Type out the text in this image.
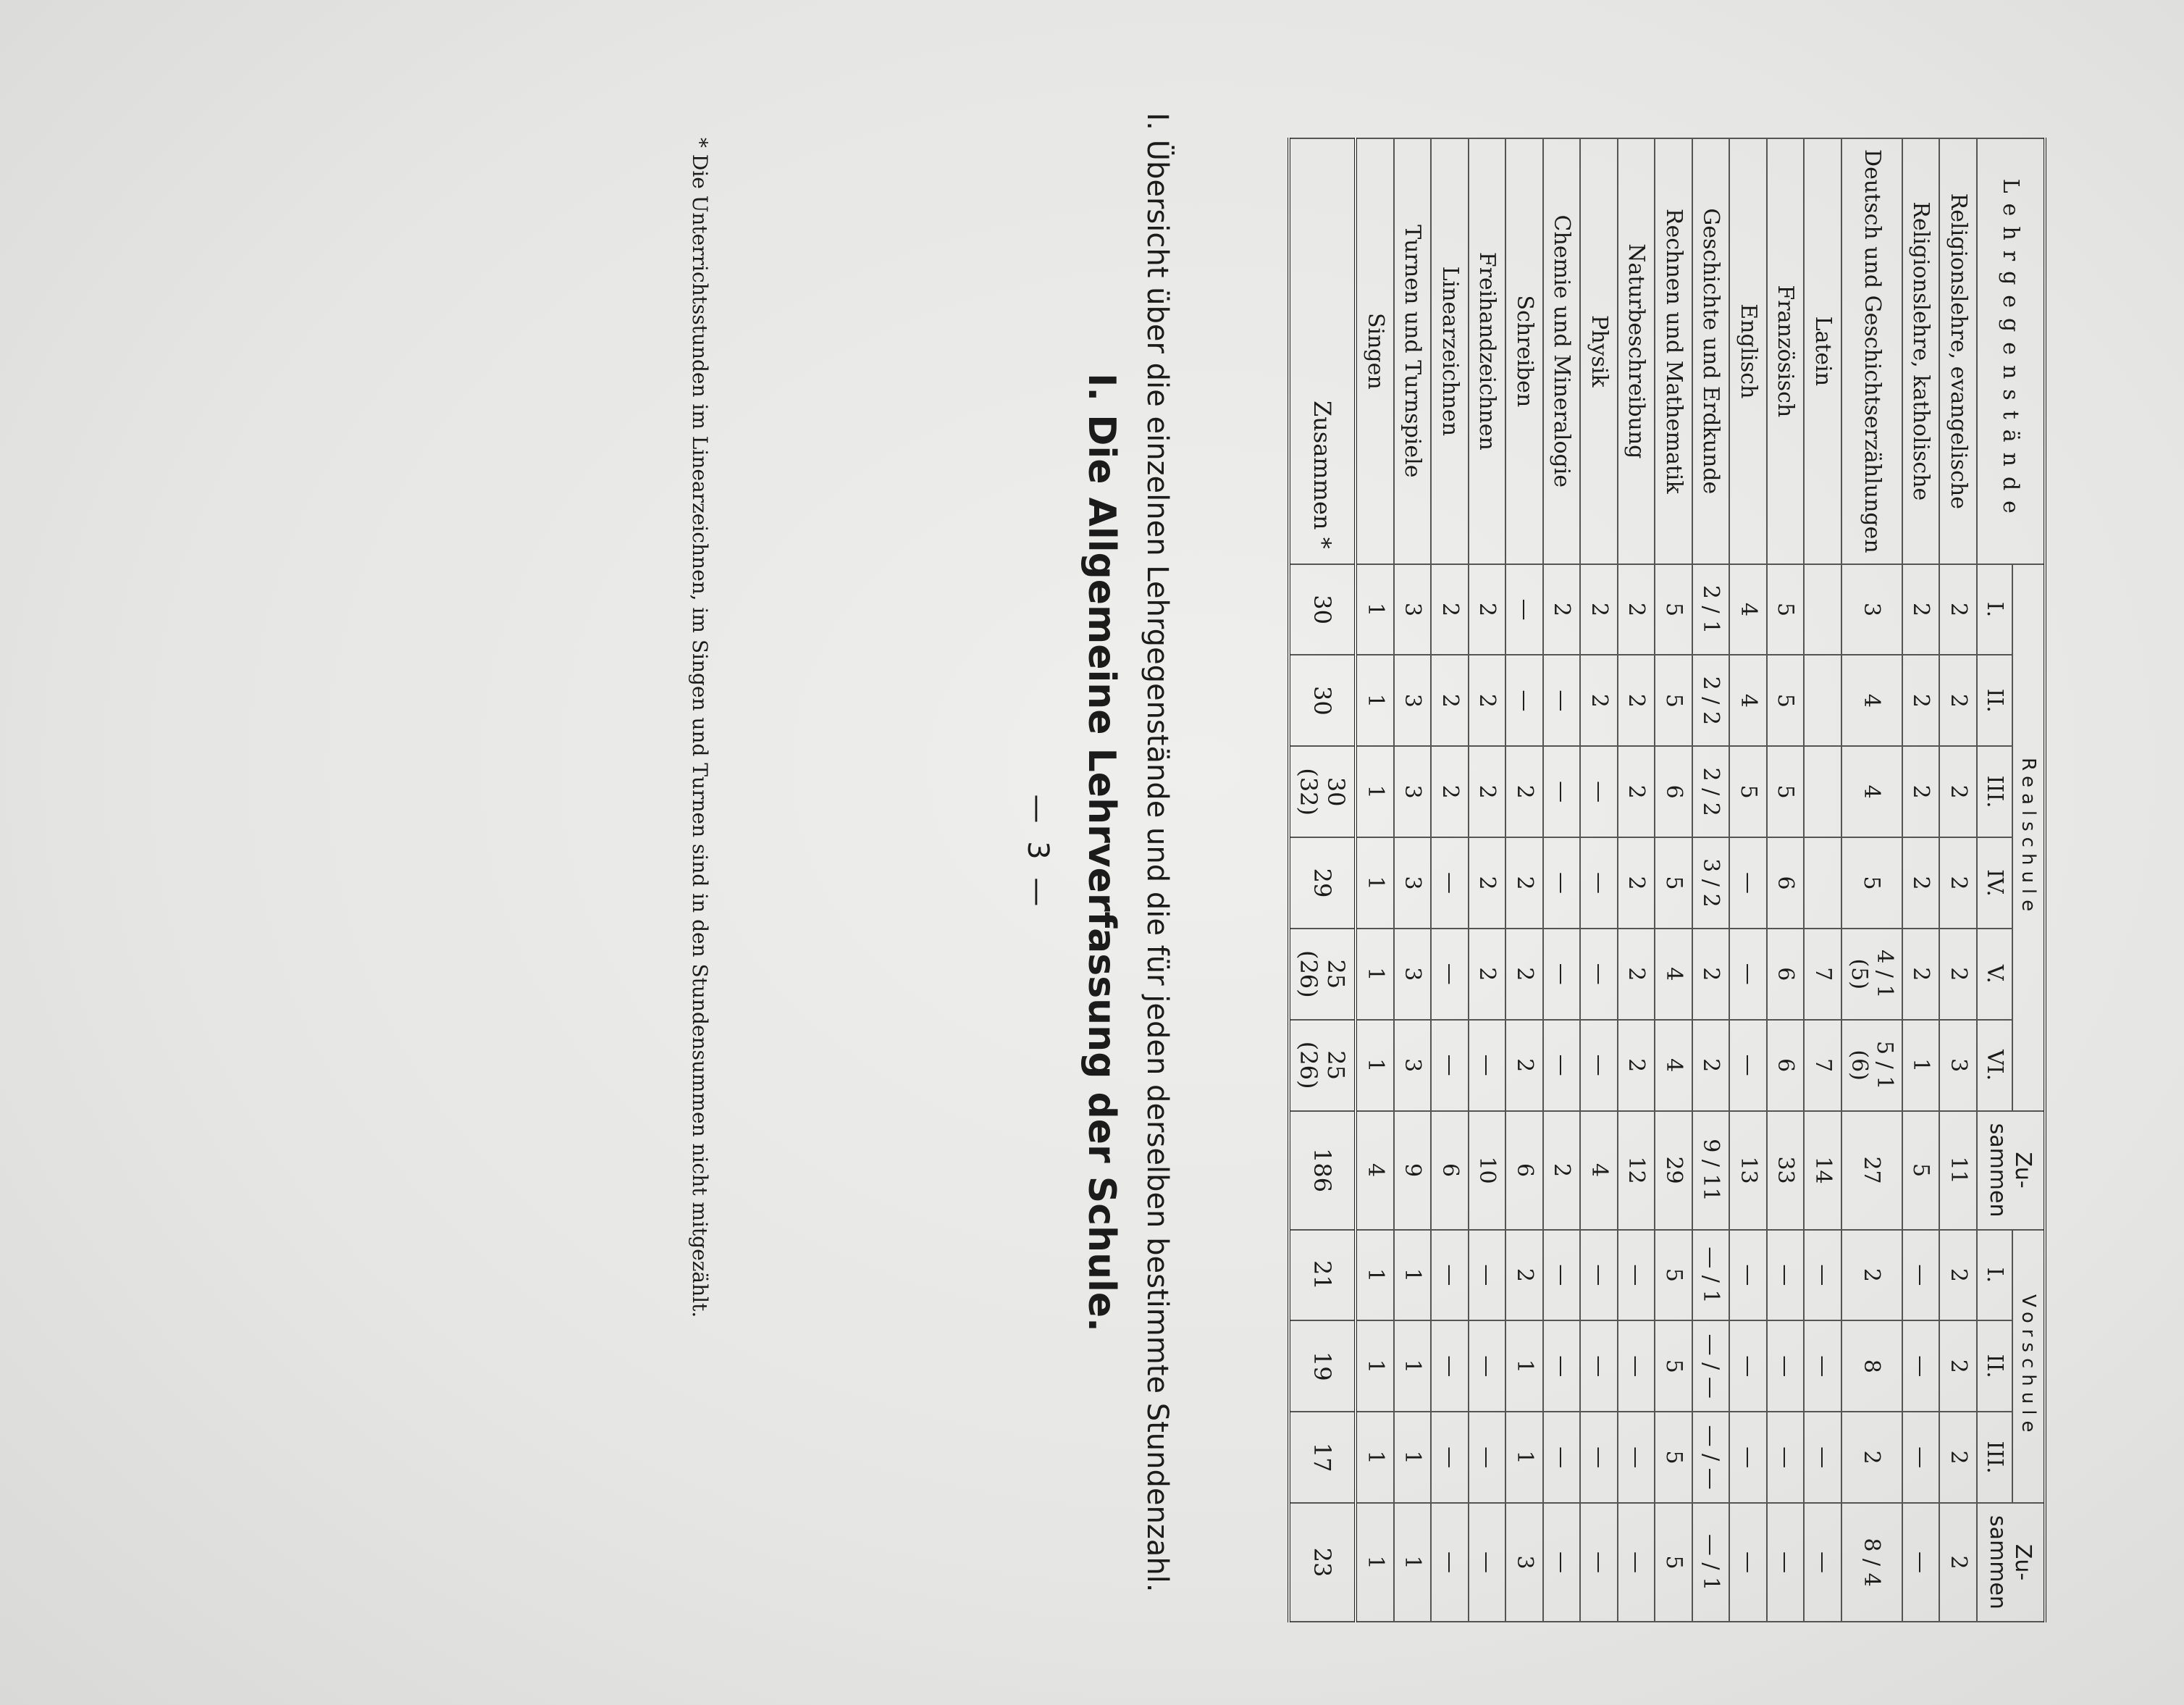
— 3 — I. Die Allgemeine Lehrverfassung der Schule. I. Übersicht über die einzelnen Lehrgegenstände und die für jeden derselben bestimmte Stundenzahl.	Lehrgegenstände	Realschule						Zu- sammen	Vorschule			Zu- sammen
	I.	II.	III.	IV.	V.	VI.		I.	II.	III.	
Religionslehre, evangelische	2	2	2	2	2	3	11	2	2	2	2
Religionslehre, katholische	2	2	2	2	2	1	5	—	—	—	—
Deutsch und Geschichtserzählungen	3	4	4	5	4 / 1 (5)	5 / 1 (6)	27	2	8	2	8 / 4
Latein					7	7	14	—	—	—	—
Französisch	5	5	5	6	6	6	33	—	—	—	—
Englisch	4	4	5	—	—	—	13	—	—	—	—
Geschichte und Erdkunde	2 / 1	2 / 2	2 / 2	3 / 2	2	2	9 / 11	— / 1	— / —	— / —	— / 1
Rechnen und Mathematik	5	5	6	5	4	4	29	5	5	5	5
Naturbeschreibung	2	2	2	2	2	2	12	—	—	—	—
Physik	2	2	—	—	—	—	4	—	—	—	—
Chemie und Mineralogie	2	—	—	—	—	—	2	—	—	—	—
Schreiben	—	—	2	2	2	2	6	2	1	1	3
Freihandzeichnen	2	2	2	2	2	—	10	—	—	—	—
Linearzeichnen	2	2	2	—	—	—	6	—	—	—	—
Turnen und Turnspiele	3	3	3	3	3	3	9	1	1	1	1
Singen	1	1	1	1	1	1	4	1	1	1	1
Zusammen *	30	30	30 (32)	29	25 (26)	25 (26)	186	21	19	17	23
* Die Unterrichtsstunden im Linearzeichnen, im Singen und Turnen sind in den Stundensummen nicht mitgezählt.
